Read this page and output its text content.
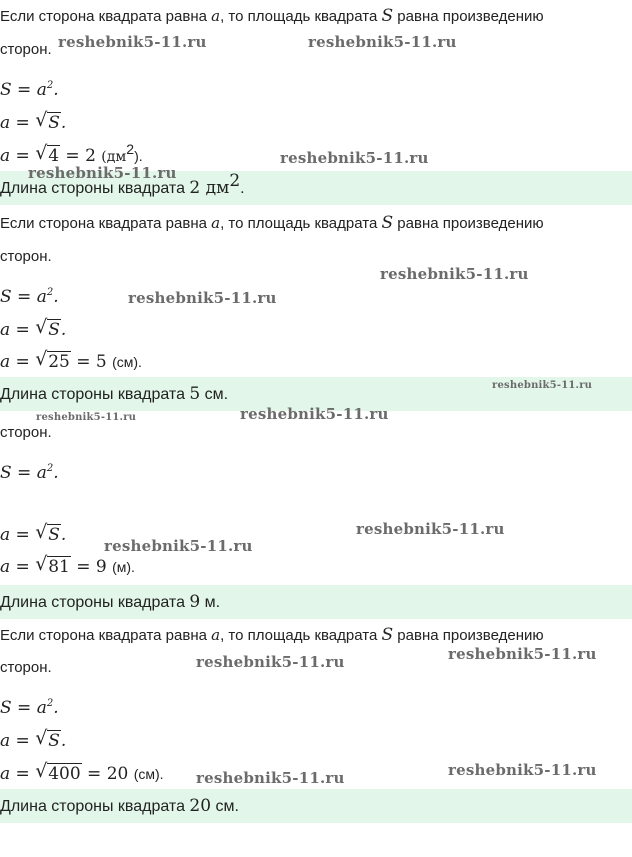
Если сторона квадрата равна a, то площадь квадрата S равна произведению
сторон.
$S = a^2$.
a = √ S.
a = √ 4 = 2 $(дм^2)$.
Длина стороны квадрата 2 $дм^2$.
Если сторона квадрата равна a, то площадь квадрата S равна произведению
сторон.
$S = a^2$.
a = √ S.
a = √ 25 = 5 (см).
Длина стороны квадрата 5 см.
сторон.
$S = a^2$.
a = √ S.
a = √ 81 = 9 (м).
Длина стороны квадрата 9 м.
Если сторона квадрата равна a, то площадь квадрата S равна произведению
сторон.
$S = a^2$.
a = √ S.
a = √ 400 = 20 (см).
Длина стороны квадрата 20 см.
reshebnik5-11.ru	reshebnik5-11.ru
reshebnik5-11.ru
reshebnik5-11.ru
reshebnik5-11.ru
reshebnik5-11.ru
reshebnik5-11.ru
reshebnik5-11.ru	reshebnik5-11.ru
reshebnik5-11.ru
reshebnik5-11.ru
reshebnik5-11.ru
reshebnik5-11.ru
reshebnik5-11.ru
reshebnik5-11.ru
